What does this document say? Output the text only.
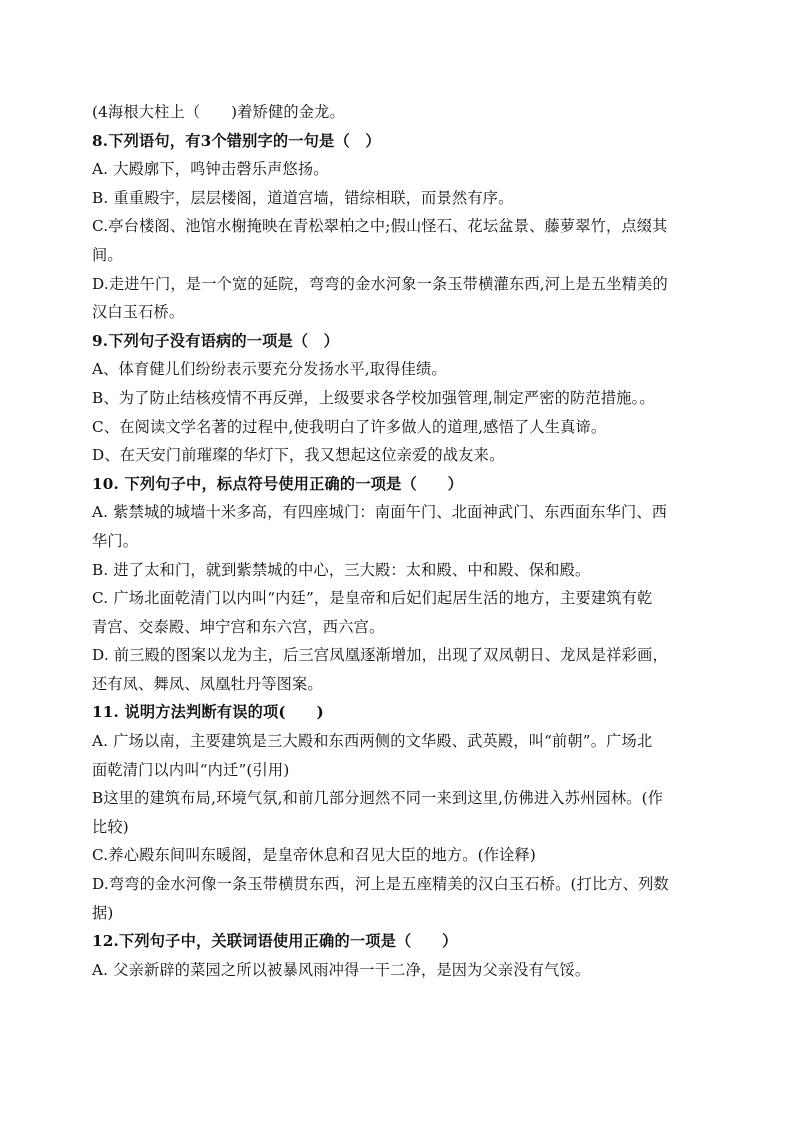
(4海根大柱上（　　)着矫健的金龙。
8.下列语句，有3个错别字的一句是（　）
A. 大殿廓下，鸣钟击磬乐声悠扬。
B. 重重殿宇，层层楼阁，道道宫墙，错综相联，而景然有序。
C.亭台楼阁、池馆水榭掩映在青松翠柏之中;假山怪石、花坛盆景、藤萝翠竹，点缀其
间。
D.走进午门，是一个宽的延院，弯弯的金水河象一条玉带横灌东西,河上是五坐精美的
汉白玉石桥。
9.下列句子没有语病的一项是（　）
A、体育健儿们纷纷表示要充分发扬水平,取得佳绩。
B、为了防止结核疫情不再反弹，上级要求各学校加强管理,制定严密的防范措施。。
C、在阅读文学名著的过程中,使我明白了许多做人的道理,感悟了人生真谛。
D、在天安门前璀璨的华灯下，我又想起这位亲爱的战友来。
10. 下列句子中，标点符号使用正确的一项是（　　）
A. 紫禁城的城墙十米多高，有四座城门：南面午门、北面神武门、东西面东华门、西
华门。
B. 进了太和门，就到紫禁城的中心，三大殿：太和殿、中和殿、保和殿。
C. 广场北面乾清门以内叫“内廷”，是皇帝和后妃们起居生活的地方，主要建筑有乾
青宫、交泰殿、坤宁宫和东六宫，西六宫。
D. 前三殿的图案以龙为主，后三宫凤凰逐渐增加，出现了双凤朝日、龙凤是祥彩画，
还有凤、舞凤、凤凰牡丹等图案。
11. 说明方法判断有误的项(　　)
A. 广场以南，主要建筑是三大殿和东西两侧的文华殿、武英殿，叫“前朝”。广场北
面乾清门以内叫“内迁”(引用)
B这里的建筑布局,环境气氛,和前几部分迥然不同一来到这里,仿佛进入苏州园林。(作
比较)
C.养心殿东间叫东暖阁，是皇帝休息和召见大臣的地方。(作诠释)
D.弯弯的金水河像一条玉带横贯东西，河上是五座精美的汉白玉石桥。(打比方、列数
据)
12.下列句子中，关联词语使用正确的一项是（　　）
A. 父亲新辟的菜园之所以被暴风雨冲得一干二净，是因为父亲没有气馁。
